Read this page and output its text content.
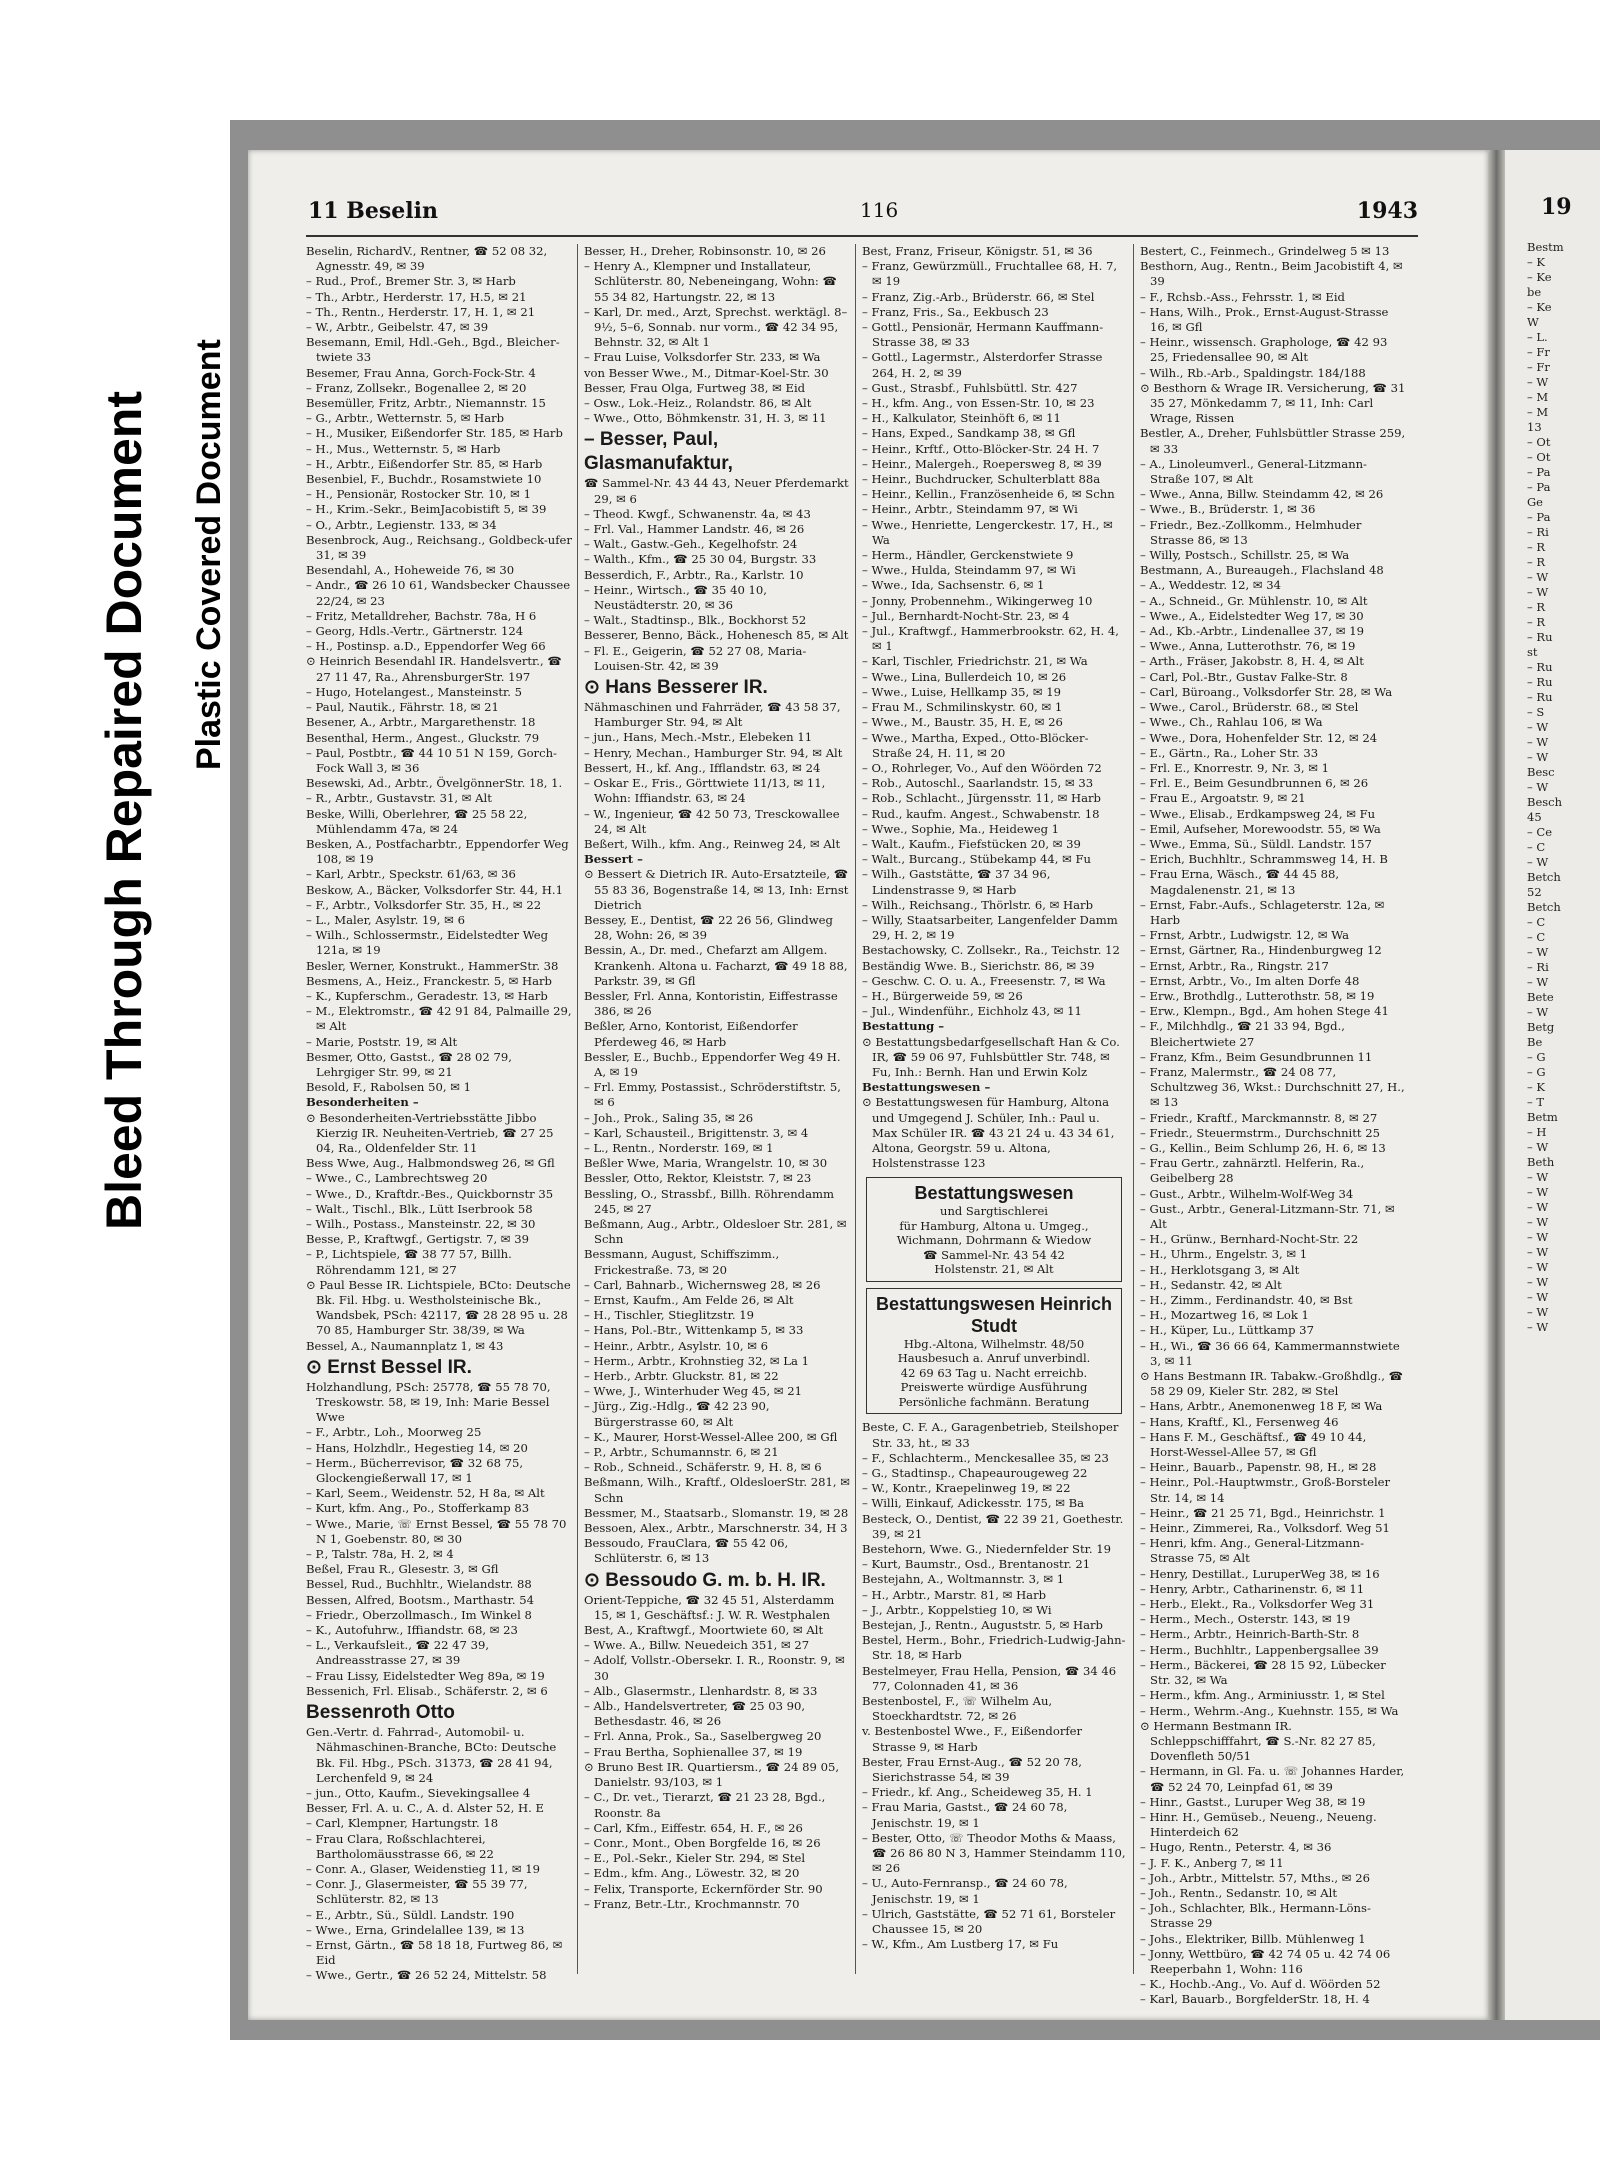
Bleed Through Repaired Document Plastic Covered Document
11 Beselin	116	1943

Beselin, RichardV., Rentner, ☎ 52 08 32, Agnesstr. 49, ✉ 39

– Rud., Prof., Bremer Str. 3, ✉ Harb

– Th., Arbtr., Herderstr. 17, H.5, ✉ 21

– Th., Rentn., Herderstr. 17, H. 1, ✉ 21

– W., Arbtr., Geibelstr. 47, ✉ 39

Besemann, Emil, Hdl.-Geh., Bgd., Bleicher-twiete 33

Besemer, Frau Anna, Gorch-Fock-Str. 4

– Franz, Zollsekr., Bogenallee 2, ✉ 20

Besemüller, Fritz, Arbtr., Niemannstr. 15

– G., Arbtr., Wetternstr. 5, ✉ Harb

– H., Musiker, Eißendorfer Str. 185, ✉ Harb

– H., Mus., Wetternstr. 5, ✉ Harb

– H., Arbtr., Eißendorfer Str. 85, ✉ Harb

Besenbiel, F., Buchdr., Rosamstwiete 10

– H., Pensionär, Rostocker Str. 10, ✉ 1

– H., Krim.-Sekr., BeimJacobistift 5, ✉ 39

– O., Arbtr., Legienstr. 133, ✉ 34

Besenbrock, Aug., Reichsang., Goldbeck-ufer 31, ✉ 39

Besendahl, A., Hoheweide 76, ✉ 30

– Andr., ☎ 26 10 61, Wandsbecker Chaussee 22/24, ✉ 23

– Fritz, Metalldreher, Bachstr. 78a, H 6

– Georg, Hdls.-Vertr., Gärtnerstr. 124

– H., Postinsp. a.D., Eppendorfer Weg 66

⊙ Heinrich Besendahl IR. Handelsvertr., ☎ 27 11 47, Ra., AhrensburgerStr. 197

– Hugo, Hotelangest., Mansteinstr. 5

– Paul, Nautik., Fährstr. 18, ✉ 21

Besener, A., Arbtr., Margarethenstr. 18

Besenthal, Herm., Angest., Gluckstr. 79

– Paul, Postbtr., ☎ 44 10 51 N 159, Gorch-Fock Wall 3, ✉ 36

Besewski, Ad., Arbtr., ÖvelgönnerStr. 18, 1.

– R., Arbtr., Gustavstr. 31, ✉ Alt

Beske, Willi, Oberlehrer, ☎ 25 58 22, Mühlendamm 47a, ✉ 24

Besken, A., Postfacharbtr., Eppendorfer Weg 108, ✉ 19

– Karl, Arbtr., Speckstr. 61/63, ✉ 36

Beskow, A., Bäcker, Volksdorfer Str. 44, H.1

– F., Arbtr., Volksdorfer Str. 35, H., ✉ 22

– L., Maler, Asylstr. 19, ✉ 6

– Wilh., Schlossermstr., Eidelstedter Weg 121a, ✉ 19

Besler, Werner, Konstrukt., HammerStr. 38

Besmens, A., Heiz., Franckestr. 5, ✉ Harb

– K., Kupferschm., Geradestr. 13, ✉ Harb

– M., Elektromstr., ☎ 42 91 84, Palmaille 29, ✉ Alt

– Marie, Poststr. 19, ✉ Alt

Besmer, Otto, Gastst., ☎ 28 02 79, Lehrgiger Str. 99, ✉ 21

Besold, F., Rabolsen 50, ✉ 1

Besonderheiten –

⊙ Besonderheiten-Vertriebsstätte Jibbo Kierzig IR. Neuheiten-Vertrieb, ☎ 27 25 04, Ra., Oldenfelder Str. 11

Bess Wwe, Aug., Halbmondsweg 26, ✉ Gfl

– Wwe., C., Lambrechtsweg 20

– Wwe., D., Kraftdr.-Bes., Quickbornstr 35

– Walt., Tischl., Blk., Lütt Iserbrook 58

– Wilh., Postass., Mansteinstr. 22, ✉ 30

Besse, P., Kraftwgf., Gertigstr. 7, ✉ 39

– P., Lichtspiele, ☎ 38 77 57, Billh. Röhrendamm 121, ✉ 27

⊙ Paul Besse IR. Lichtspiele, BCto: Deutsche Bk. Fil. Hbg. u. Westholsteinische Bk., Wandsbek, PSch: 42117, ☎ 28 28 95 u. 28 70 85, Hamburger Str. 38/39, ✉ Wa

Bessel, A., Naumannplatz 1, ✉ 43

⊙ Ernst Bessel IR.

Holzhandlung, PSch: 25778, ☎ 55 78 70, Treskowstr. 58, ✉ 19, Inh: Marie Bessel Wwe

– F., Arbtr., Loh., Moorweg 25

– Hans, Holzhdlr., Hegestieg 14, ✉ 20

– Herm., Bücherrevisor, ☎ 32 68 75, Glockengießerwall 17, ✉ 1

– Karl, Seem., Weidenstr. 52, H 8a, ✉ Alt

– Kurt, kfm. Ang., Po., Stofferkamp 83

– Wwe., Marie, ☏ Ernst Bessel, ☎ 55 78 70 N 1, Goebenstr. 80, ✉ 30

– P., Talstr. 78a, H. 2, ✉ 4

Beßel, Frau R., Glesestr. 3, ✉ Gfl

Bessel, Rud., Buchhltr., Wielandstr. 88

Bessen, Alfred, Bootsm., Marthastr. 54

– Friedr., Oberzollmasch., Im Winkel 8

– K., Autofuhrw., Iffiandstr. 68, ✉ 23

– L., Verkaufsleit., ☎ 22 47 39, Andreasstrasse 27, ✉ 39

– Frau Lissy, Eidelstedter Weg 89a, ✉ 19

Bessenich, Frl. Elisab., Schäferstr. 2, ✉ 6

Bessenroth Otto

Gen.-Vertr. d. Fahrrad-, Automobil- u. Nähmaschinen-Branche, BCto: Deutsche Bk. Fil. Hbg., PSch. 31373, ☎ 28 41 94, Lerchenfeld 9, ✉ 24

– jun., Otto, Kaufm., Sievekingsallee 4

Besser, Frl. A. u. C., A. d. Alster 52, H. E

– Carl, Klempner, Hartungstr. 18

– Frau Clara, Roßschlachterei, Bartholomäusstrasse 66, ✉ 22

– Conr. A., Glaser, Weidenstieg 11, ✉ 19

– Conr. J., Glasermeister, ☎ 55 39 77, Schlüterstr. 82, ✉ 13

– E., Arbtr., Sü., Süldl. Landstr. 190

– Wwe., Erna, Grindelallee 139, ✉ 13

– Ernst, Gärtn., ☎ 58 18 18, Furtweg 86, ✉ Eid

– Wwe., Gertr., ☎ 26 52 24, Mittelstr. 58

Besser, H., Dreher, Robinsonstr. 10, ✉ 26

– Henry A., Klempner und Installateur, Schlüterstr. 80, Nebeneingang, Wohn: ☎ 55 34 82, Hartungstr. 22, ✉ 13

– Karl, Dr. med., Arzt, Sprechst. werktägl. 8–9½, 5–6, Sonnab. nur vorm., ☎ 42 34 95, Behnstr. 32, ✉ Alt 1

– Frau Luise, Volksdorfer Str. 233, ✉ Wa

von Besser Wwe., M., Ditmar-Koel-Str. 30

Besser, Frau Olga, Furtweg 38, ✉ Eid

– Osw., Lok.-Heiz., Rolandstr. 86, ✉ Alt

– Wwe., Otto, Böhmkenstr. 31, H. 3, ✉ 11

– Besser, Paul, Glasmanufaktur,

☎ Sammel-Nr. 43 44 43, Neuer Pferdemarkt 29, ✉ 6

– Theod. Kwgf., Schwanenstr. 4a, ✉ 43

– Frl. Val., Hammer Landstr. 46, ✉ 26

– Walt., Gastw.-Geh., Kegelhofstr. 24

– Walth., Kfm., ☎ 25 30 04, Burgstr. 33

Besserdich, F., Arbtr., Ra., Karlstr. 10

– Heinr., Wirtsch., ☎ 35 40 10, Neustädterstr. 20, ✉ 36

– Walt., Stadtinsp., Blk., Bockhorst 52

Besserer, Benno, Bäck., Hohenesch 85, ✉ Alt

– Fl. E., Geigerin, ☎ 52 27 08, Maria-Louisen-Str. 42, ✉ 39

⊙ Hans Besserer IR.

Nähmaschinen und Fahrräder, ☎ 43 58 37, Hamburger Str. 94, ✉ Alt

– jun., Hans, Mech.-Mstr., Elebeken 11

– Henry, Mechan., Hamburger Str. 94, ✉ Alt

Bessert, H., kf. Ang., Ifflandstr. 63, ✉ 24

– Oskar E., Fris., Görttwiete 11/13, ✉ 11, Wohn: Iffiandstr. 63, ✉ 24

– W., Ingenieur, ☎ 42 50 73, Tresckowallee 24, ✉ Alt

Beßert, Wilh., kfm. Ang., Reinweg 24, ✉ Alt

Bessert –

⊙ Bessert & Dietrich IR. Auto-Ersatzteile, ☎ 55 83 36, Bogenstraße 14, ✉ 13, Inh: Ernst Dietrich

Bessey, E., Dentist, ☎ 22 26 56, Glindweg 28, Wohn: 26, ✉ 39

Bessin, A., Dr. med., Chefarzt am Allgem. Krankenh. Altona u. Facharzt, ☎ 49 18 88, Parkstr. 39, ✉ Gfl

Bessler, Frl. Anna, Kontoristin, Eiffestrasse 386, ✉ 26

Beßler, Arno, Kontorist, Eißendorfer Pferdeweg 46, ✉ Harb

Bessler, E., Buchb., Eppendorfer Weg 49 H. A, ✉ 19

– Frl. Emmy, Postassist., Schröderstiftstr. 5, ✉ 6

– Joh., Prok., Saling 35, ✉ 26

– Karl, Schausteil., Brigittenstr. 3, ✉ 4

– L., Rentn., Norderstr. 169, ✉ 1

Beßler Wwe, Maria, Wrangelstr. 10, ✉ 30

Bessler, Otto, Rektor, Kleiststr. 7, ✉ 23

Bessling, O., Strassbf., Billh. Röhrendamm 245, ✉ 27

Beßmann, Aug., Arbtr., Oldesloer Str. 281, ✉ Schn

Bessmann, August, Schiffszimm., Frickestraße. 73, ✉ 20

– Carl, Bahnarb., Wichernsweg 28, ✉ 26

– Ernst, Kaufm., Am Felde 26, ✉ Alt

– H., Tischler, Stieglitzstr. 19

– Hans, Pol.-Btr., Wittenkamp 5, ✉ 33

– Heinr., Arbtr., Asylstr. 10, ✉ 6

– Herm., Arbtr., Krohnstieg 32, ✉ La 1

– Herb., Arbtr. Gluckstr. 81, ✉ 22

– Wwe, J., Winterhuder Weg 45, ✉ 21

– Jürg., Zig.-Hdlg., ☎ 42 23 90, Bürgerstrasse 60, ✉ Alt

– K., Maurer, Horst-Wessel-Allee 200, ✉ Gfl

– P., Arbtr., Schumannstr. 6, ✉ 21

– Rob., Schneid., Schäferstr. 9, H. 8, ✉ 6

Beßmann, Wilh., Kraftf., OldesloerStr. 281, ✉ Schn

Bessmer, M., Staatsarb., Slomanstr. 19, ✉ 28

Bessoen, Alex., Arbtr., Marschnerstr. 34, H 3

Bessoudo, FrauClara, ☎ 55 42 06, Schlüterstr. 6, ✉ 13

⊙ Bessoudo G. m. b. H. IR.

Orient-Teppiche, ☎ 32 45 51, Alsterdamm 15, ✉ 1, Geschäftsf.: J. W. R. Westphalen

Best, A., Kraftwgf., Moortwiete 60, ✉ Alt

– Wwe. A., Billw. Neuedeich 351, ✉ 27

– Adolf, Vollstr.-Obersekr. I. R., Roonstr. 9, ✉ 30

– Alb., Glasermstr., Llenhardstr. 8, ✉ 33

– Alb., Handelsvertreter, ☎ 25 03 90, Bethesdastr. 46, ✉ 26

– Frl. Anna, Prok., Sa., Saselbergweg 20

– Frau Bertha, Sophienallee 37, ✉ 19

⊙ Bruno Best IR. Quartiersm., ☎ 24 89 05, Danielstr. 93/103, ✉ 1

– C., Dr. vet., Tierarzt, ☎ 21 23 28, Bgd., Roonstr. 8a

– Carl, Kfm., Eiffestr. 654, H. F., ✉ 26

– Conr., Mont., Oben Borgfelde 16, ✉ 26

– E., Pol.-Sekr., Kieler Str. 294, ✉ Stel

– Edm., kfm. Ang., Löwestr. 32, ✉ 20

– Felix, Transporte, Eckernförder Str. 90

– Franz, Betr.-Ltr., Krochmannstr. 70

Best, Franz, Friseur, Königstr. 51, ✉ 36

– Franz, Gewürzmüll., Fruchtallee 68, H. 7, ✉ 19

– Franz, Zig.-Arb., Brüderstr. 66, ✉ Stel

– Franz, Fris., Sa., Eekbusch 23

– Gottl., Pensionär, Hermann Kauffmann-Strasse 38, ✉ 33

– Gottl., Lagermstr., Alsterdorfer Strasse 264, H. 2, ✉ 39

– Gust., Strasbf., Fuhlsbüttl. Str. 427

– H., kfm. Ang., von Essen-Str. 10, ✉ 23

– H., Kalkulator, Steinhöft 6, ✉ 11

– Hans, Exped., Sandkamp 38, ✉ Gfl

– Heinr., Krftf., Otto-Blöcker-Str. 24 H. 7

– Heinr., Malergeh., Roepersweg 8, ✉ 39

– Heinr., Buchdrucker, Schulterblatt 88a

– Heinr., Kellin., Französenheide 6, ✉ Schn

– Heinr., Arbtr., Steindamm 97, ✉ Wi

– Wwe., Henriette, Lengerckestr. 17, H., ✉ Wa

– Herm., Händler, Gerckenstwiete 9

– Wwe., Hulda, Steindamm 97, ✉ Wi

– Wwe., Ida, Sachsenstr. 6, ✉ 1

– Jonny, Probennehm., Wikingerweg 10

– Jul., Bernhardt-Nocht-Str. 23, ✉ 4

– Jul., Kraftwgf., Hammerbrookstr. 62, H. 4, ✉ 1

– Karl, Tischler, Friedrichstr. 21, ✉ Wa

– Wwe., Lina, Bullerdeich 10, ✉ 26

– Wwe., Luise, Hellkamp 35, ✉ 19

– Frau M., Schmilinskystr. 60, ✉ 1

– Wwe., M., Baustr. 35, H. E, ✉ 26

– Wwe., Martha, Exped., Otto-Blöcker-Straße 24, H. 11, ✉ 20

– O., Rohrleger, Vo., Auf den Wöörden 72

– Rob., Autoschl., Saarlandstr. 15, ✉ 33

– Rob., Schlacht., Jürgensstr. 11, ✉ Harb

– Rud., kaufm. Angest., Schwabenstr. 18

– Wwe., Sophie, Ma., Heideweg 1

– Walt., Kaufm., Fiefstücken 20, ✉ 39

– Walt., Burcang., Stübekamp 44, ✉ Fu

– Wilh., Gaststätte, ☎ 37 34 96, Lindenstrasse 9, ✉ Harb

– Wilh., Reichsang., Thörlstr. 6, ✉ Harb

– Willy, Staatsarbeiter, Langenfelder Damm 29, H. 2, ✉ 19

Bestachowsky, C. Zollsekr., Ra., Teichstr. 12

Beständig Wwe. B., Sierichstr. 86, ✉ 39

– Geschw. C. O. u. A., Freesenstr. 7, ✉ Wa

– H., Bürgerweide 59, ✉ 26

– Jul., Windenführ., Eichholz 43, ✉ 11

Bestattung –

⊙ Bestattungsbedarfgesellschaft Han & Co. IR, ☎ 59 06 97, Fuhlsbüttler Str. 748, ✉ Fu, Inh.: Bernh. Han und Erwin Kolz

Bestattungswesen –

⊙ Bestattungswesen für Hamburg, Altona und Umgegend J. Schüler, Inh.: Paul u. Max Schüler IR. ☎ 43 21 24 u. 43 34 61, Altona, Georgstr. 59 u. Altona, Holstenstrasse 123

Bestattungswesen
und Sargtischlerei
für Hamburg, Altona u. Umgeg.,
Wichmann, Dohrmann & Wiedow
☎ Sammel-Nr. 43 54 42
Holstenstr. 21, ✉ Alt
Bestattungswesen Heinrich Studt
Hbg.-Altona, Wilhelmstr. 48/50
Hausbesuch a. Anruf unverbindl.
42 69 63 Tag u. Nacht erreichb.
Preiswerte würdige Ausführung
Persönliche fachmänn. Beratung

Beste, C. F. A., Garagenbetrieb, Steilshoper Str. 33, ht., ✉ 33

– F., Schlachterm., Menckesallee 35, ✉ 23

– G., Stadtinsp., Chapeaurougeweg 22

– W., Kontr., Kraepelinweg 19, ✉ 22

– Willi, Einkauf, Adickesstr. 175, ✉ Ba

Besteck, O., Dentist, ☎ 22 39 21, Goethestr. 39, ✉ 21

Bestehorn, Wwe. G., Niedernfelder Str. 19

– Kurt, Baumstr., Osd., Brentanostr. 21

Bestejahn, A., Woltmannstr. 3, ✉ 1

– H., Arbtr., Marstr. 81, ✉ Harb

– J., Arbtr., Koppelstieg 10, ✉ Wi

Bestejan, J., Rentn., Auguststr. 5, ✉ Harb

Bestel, Herm., Bohr., Friedrich-Ludwig-Jahn-Str. 18, ✉ Harb

Bestelmeyer, Frau Hella, Pension, ☎ 34 46 77, Colonnaden 41, ✉ 36

Bestenbostel, F., ☏ Wilhelm Au, Stoeckhardtstr. 72, ✉ 26

v. Bestenbostel Wwe., F., Eißendorfer Strasse 9, ✉ Harb

Bester, Frau Ernst-Aug., ☎ 52 20 78, Sierichstrasse 54, ✉ 39

– Friedr., kf. Ang., Scheideweg 35, H. 1

– Frau Maria, Gastst., ☎ 24 60 78, Jenischstr. 19, ✉ 1

– Bester, Otto, ☏ Theodor Moths & Maass, ☎ 26 86 80 N 3, Hammer Steindamm 110, ✉ 26

– U., Auto-Fernransp., ☎ 24 60 78, Jenischstr. 19, ✉ 1

– Ulrich, Gaststätte, ☎ 52 71 61, Borsteler Chaussee 15, ✉ 20

– W., Kfm., Am Lustberg 17, ✉ Fu

Bestert, C., Feinmech., Grindelweg 5 ✉ 13

Besthorn, Aug., Rentn., Beim Jacobistift 4, ✉ 39

– F., Rchsb.-Ass., Fehrsstr. 1, ✉ Eid

– Hans, Wilh., Prok., Ernst-August-Strasse 16, ✉ Gfl

– Heinr., wissensch. Graphologe, ☎ 42 93 25, Friedensallee 90, ✉ Alt

– Wilh., Rb.-Arb., Spaldingstr. 184/188

⊙ Besthorn & Wrage IR. Versicherung, ☎ 31 35 27, Mönkedamm 7, ✉ 11, Inh: Carl Wrage, Rissen

Bestler, A., Dreher, Fuhlsbüttler Strasse 259, ✉ 33

– A., Linoleumverl., General-Litzmann-Straße 107, ✉ Alt

– Wwe., Anna, Billw. Steindamm 42, ✉ 26

– Wwe., B., Brüderstr. 1, ✉ 36

– Friedr., Bez.-Zollkomm., Helmhuder Strasse 86, ✉ 13

– Willy, Postsch., Schillstr. 25, ✉ Wa

Bestmann, A., Bureaugeh., Flachsland 48

– A., Weddestr. 12, ✉ 34

– A., Schneid., Gr. Mühlenstr. 10, ✉ Alt

– Wwe., A., Eidelstedter Weg 17, ✉ 30

– Ad., Kb.-Arbtr., Lindenallee 37, ✉ 19

– Wwe., Anna, Lutterothstr. 76, ✉ 19

– Arth., Fräser, Jakobstr. 8, H. 4, ✉ Alt

– Carl, Pol.-Btr., Gustav Falke-Str. 8

– Carl, Büroang., Volksdorfer Str. 28, ✉ Wa

– Wwe., Carol., Brüderstr. 68., ✉ Stel

– Wwe., Ch., Rahlau 106, ✉ Wa

– Wwe., Dora, Hohenfelder Str. 12, ✉ 24

– E., Gärtn., Ra., Loher Str. 33

– Frl. E., Knorrestr. 9, Nr. 3, ✉ 1

– Frl. E., Beim Gesundbrunnen 6, ✉ 26

– Frau E., Argoatstr. 9, ✉ 21

– Wwe., Elisab., Erdkampsweg 24, ✉ Fu

– Emil, Aufseher, Morewoodstr. 55, ✉ Wa

– Wwe., Emma, Sü., Süldl. Landstr. 157

– Erich, Buchhltr., Schrammsweg 14, H. B

– Frau Erna, Wäsch., ☎ 44 45 88, Magdalenenstr. 21, ✉ 13

– Ernst, Fabr.-Aufs., Schlageterstr. 12a, ✉ Harb

– Frnst, Arbtr., Ludwigstr. 12, ✉ Wa

– Ernst, Gärtner, Ra., Hindenburgweg 12

– Ernst, Arbtr., Ra., Ringstr. 217

– Ernst, Arbtr., Vo., Im alten Dorfe 48

– Erw., Brothdlg., Lutterothstr. 58, ✉ 19

– Erw., Klempn., Bgd., Am hohen Stege 41

– F., Milchhdlg., ☎ 21 33 94, Bgd., Bleichertwiete 27

– Franz, Kfm., Beim Gesundbrunnen 11

– Franz, Malermstr., ☎ 24 08 77, Schultzweg 36, Wkst.: Durchschnitt 27, H., ✉ 13

– Friedr., Kraftf., Marckmannstr. 8, ✉ 27

– Friedr., Steuermstrm., Durchschnitt 25

– G., Kellin., Beim Schlump 26, H. 6, ✉ 13

– Frau Gertr., zahnärztl. Helferin, Ra., Geibelberg 28

– Gust., Arbtr., Wilhelm-Wolf-Weg 34

– Gust., Arbtr., General-Litzmann-Str. 71, ✉ Alt

– H., Grünw., Bernhard-Nocht-Str. 22

– H., Uhrm., Engelstr. 3, ✉ 1

– H., Herklotsgang 3, ✉ Alt

– H., Sedanstr. 42, ✉ Alt

– H., Zimm., Ferdinandstr. 40, ✉ Bst

– H., Mozartweg 16, ✉ Lok 1

– H., Küper, Lu., Lüttkamp 37

– H., Wi., ☎ 36 66 64, Kammermannstwiete 3, ✉ 11

⊙ Hans Bestmann IR. Tabakw.-Großhdlg., ☎ 58 29 09, Kieler Str. 282, ✉ Stel

– Hans, Arbtr., Anemonenweg 18 F, ✉ Wa

– Hans, Kraftf., Kl., Fersenweg 46

– Hans F. M., Geschäftsf., ☎ 49 10 44, Horst-Wessel-Allee 57, ✉ Gfl

– Heinr., Bauarb., Papenstr. 98, H., ✉ 28

– Heinr., Pol.-Hauptwmstr., Groß-Borsteler Str. 14, ✉ 14

– Heinr., ☎ 21 25 71, Bgd., Heinrichstr. 1

– Heinr., Zimmerei, Ra., Volksdorf. Weg 51

– Henri, kfm. Ang., General-Litzmann-Strasse 75, ✉ Alt

– Henry, Destillat., LuruperWeg 38, ✉ 16

– Henry, Arbtr., Catharinenstr. 6, ✉ 11

– Herb., Elekt., Ra., Volksdorfer Weg 31

– Herm., Mech., Osterstr. 143, ✉ 19

– Herm., Arbtr., Heinrich-Barth-Str. 8

– Herm., Buchhltr., Lappenbergsallee 39

– Herm., Bäckerei, ☎ 28 15 92, Lübecker Str. 32, ✉ Wa

– Herm., kfm. Ang., Arminiusstr. 1, ✉ Stel

– Herm., Wehrm.-Ang., Kuehnstr. 155, ✉ Wa

⊙ Hermann Bestmann IR. Schleppschifffahrt, ☎ S.-Nr. 82 27 85, Dovenfleth 50/51

– Hermann, in Gl. Fa. u. ☏ Johannes Harder, ☎ 52 24 70, Leinpfad 61, ✉ 39

– Hinr., Gastst., Luruper Weg 38, ✉ 19

– Hinr. H., Gemüseb., Neueng., Neueng. Hinterdeich 62

– Hugo, Rentn., Peterstr. 4, ✉ 36

– J. F. K., Anberg 7, ✉ 11

– Joh., Arbtr., Mittelstr. 57, Mths., ✉ 26

– Joh., Rentn., Sedanstr. 10, ✉ Alt

– Joh., Schlachter, Blk., Hermann-Löns-Strasse 29

– Johs., Elektriker, Billb. Mühlenweg 1

– Jonny, Wettbüro, ☎ 42 74 05 u. 42 74 06 Reeperbahn 1, Wohn: 116

– K., Hochb.-Ang., Vo. Auf d. Wöörden 52

– Karl, Bauarb., BorgfelderStr. 18, H. 4

19
Bestm
– K
– Ke
be
– Ke
W
– L.
– Fr
– Fr
– W
– M
– M
13
– Ot
– Ot
– Pa
– Pa
Ge
– Pa
– Ri
– R
– R
– W
– W
– R
– R
– Ru
st
– Ru
– Ru
– Ru
– S
– W
– W
– W
Besc
– W
Besch
45
– Ce
– C
– W
Betch
52
Betch
– C
– C
– W
– Ri
– W
Bete
– W
Betg
Be
– G
– G
– K
– T
Betm
– H
– W
Beth
– W
– W
– W
– W
– W
– W
– W
– W
– W
– W
– W
